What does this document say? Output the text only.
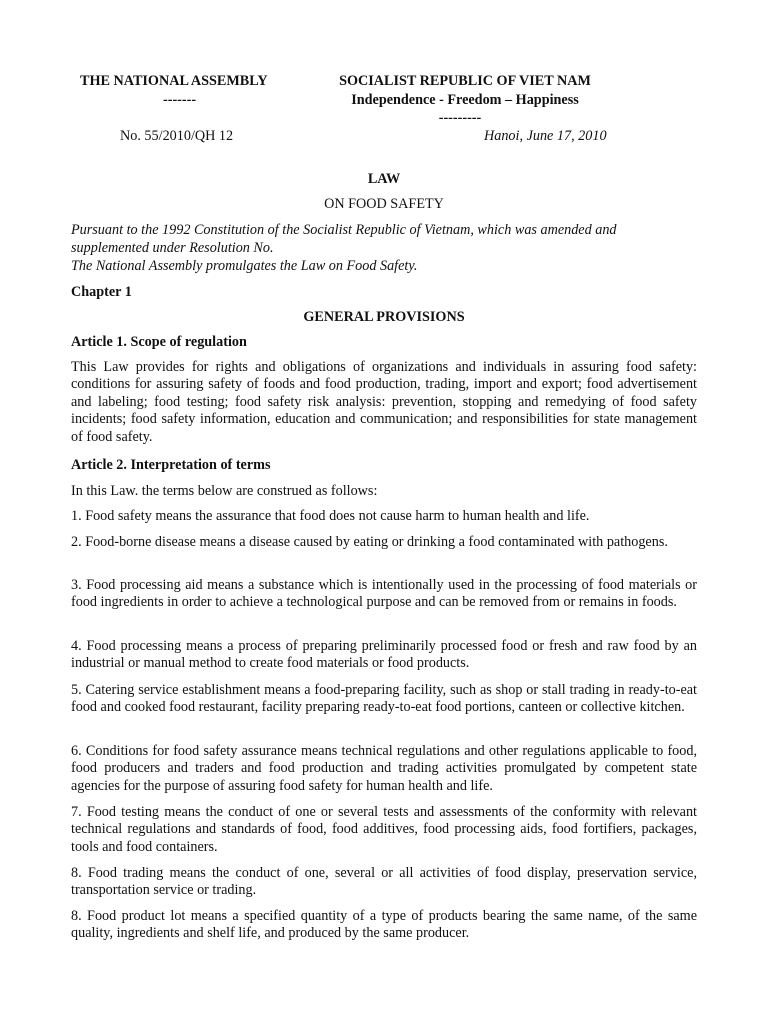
THE NATIONAL ASSEMBLY
-------
SOCIALIST REPUBLIC OF VIET NAM
Independence - Freedom – Happiness
---------
No. 55/2010/QH 12	Hanoi, June 17, 2010
LAW
ON FOOD SAFETY
Pursuant to the 1992 Constitution of the Socialist Republic of Vietnam, which was amended and
supplemented under Resolution No.
The National Assembly promulgates the Law on Food Safety.
Chapter 1
GENERAL PROVISIONS
Article 1. Scope of regulation

This Law provides for rights and obligations of organizations and individuals in assuring food safety: conditions for assuring safety of foods and food production, trading, import and export; food advertisement and labeling; food testing; food safety risk analysis: prevention, stopping and remedying of food safety incidents; food safety information, education and communication; and responsibilities for state management of food safety.

Article 2. Interpretation of terms
In this Law. the terms below are construed as follows:

1. Food safety means the assurance that food does not cause harm to human health and life.

2. Food-borne disease means a disease caused by eating or drinking a food contaminated with pathogens.

3. Food processing aid means a substance which is intentionally used in the processing of food materials or food ingredients in order to achieve a technological purpose and can be removed from or remains in foods.

4. Food processing means a process of preparing preliminarily processed food or fresh and raw food by an industrial or manual method to create food materials or food products.

5. Catering service establishment means a food-preparing facility, such as shop or stall trading in ready-to-eat food and cooked food restaurant, facility preparing ready-to-eat food portions, canteen or collective kitchen.

6. Conditions for food safety assurance means technical regulations and other regulations applicable to food, food producers and traders and food production and trading activities promulgated by competent state agencies for the purpose of assuring food safety for human health and life.

7. Food testing means the conduct of one or several tests and assessments of the conformity with relevant technical regulations and standards of food, food additives, food processing aids, food fortifiers, packages, tools and food containers.

8. Food trading means the conduct of one, several or all activities of food display, preservation service, transportation service or trading.

8. Food product lot means a specified quantity of a type of products bearing the same name, of the same quality, ingredients and shelf life, and produced by the same producer.
